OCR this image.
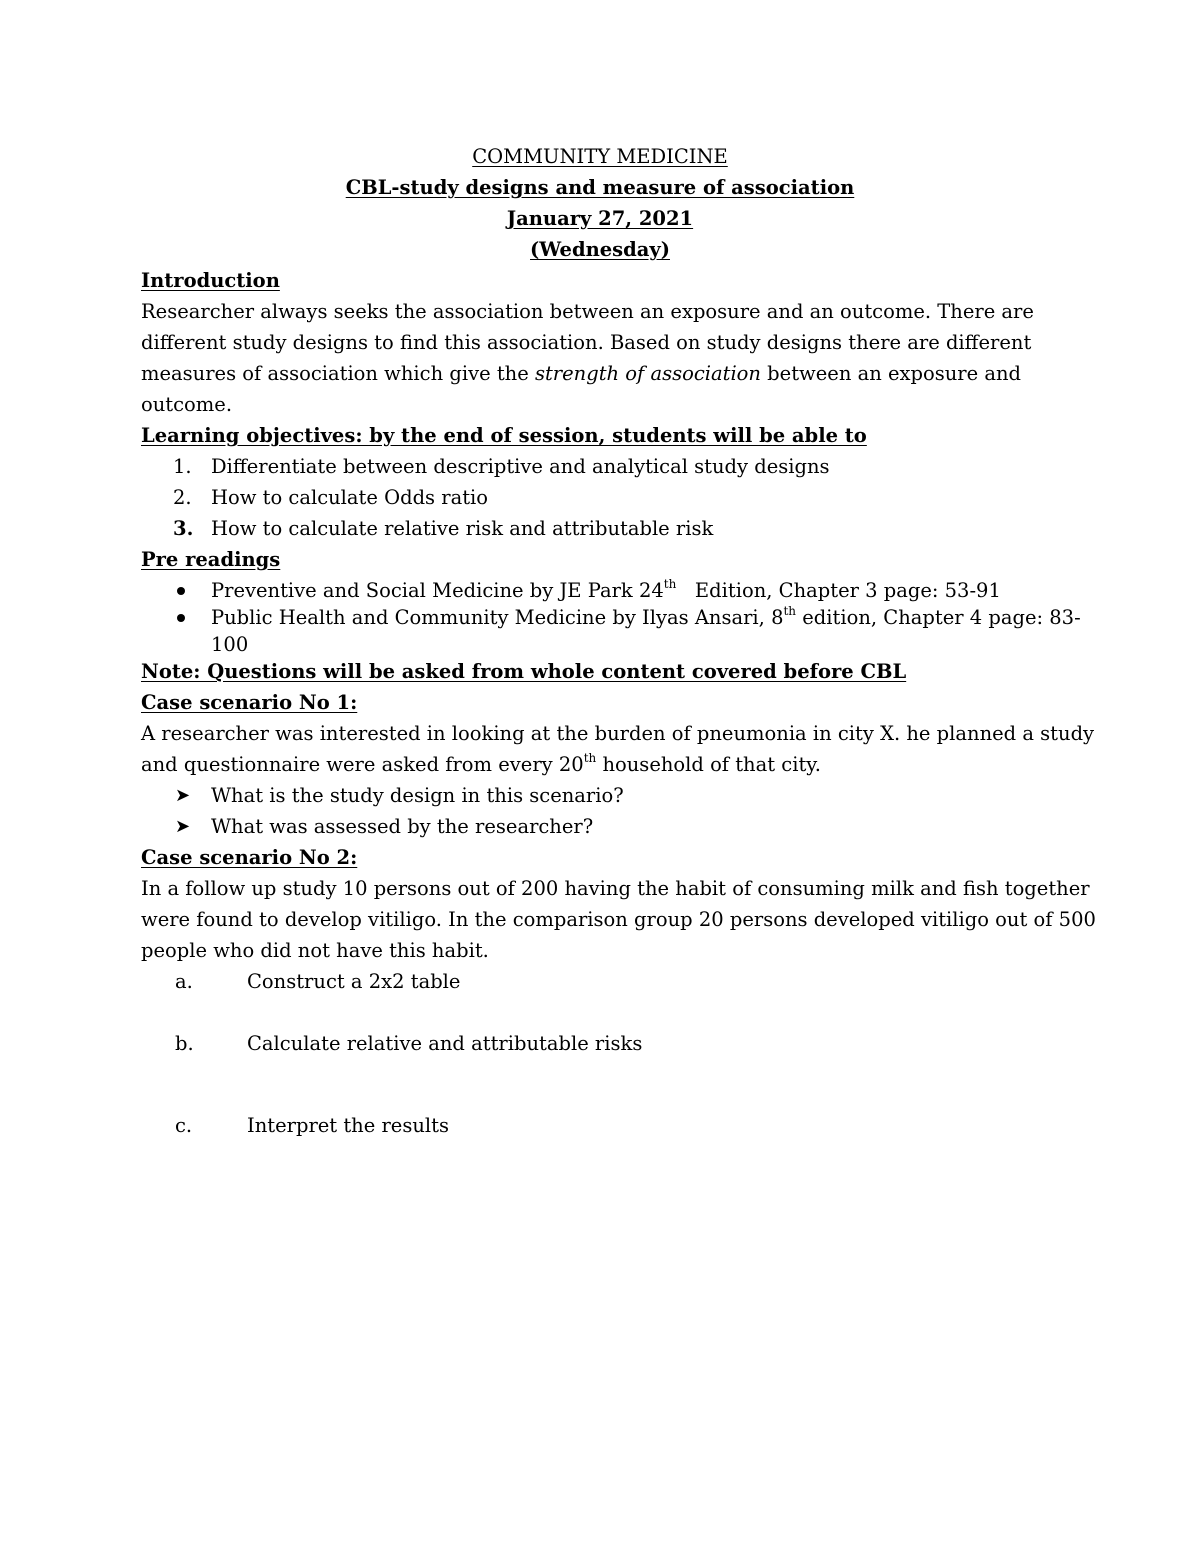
COMMUNITY MEDICINE
CBL-study designs and measure of association
January 27, 2021
(Wednesday)
Introduction
Researcher always seeks the association between an exposure and an outcome. There are
different study designs to find this association. Based on study designs there are different
measures of association which give the strength of association between an exposure and
outcome.
Learning objectives: by the end of session, students will be able to
1. Differentiate between descriptive and analytical study designs
2. How to calculate Odds ratio
3. How to calculate relative risk and attributable risk
Pre readings
Preventive and Social Medicine by JE Park 24th   Edition, Chapter 3 page: 53-91
Public Health and Community Medicine by Ilyas Ansari, 8th edition, Chapter 4 page: 83-
100
Note: Questions will be asked from whole content covered before CBL
Case scenario No 1:
A researcher was interested in looking at the burden of pneumonia in city X. he planned a study
and questionnaire were asked from every 20th household of that city.
➤ What is the study design in this scenario?
➤ What was assessed by the researcher?
Case scenario No 2:
In a follow up study 10 persons out of 200 having the habit of consuming milk and fish together
were found to develop vitiligo. In the comparison group 20 persons developed vitiligo out of 500
people who did not have this habit.
a.	Construct a 2x2 table
b.	Calculate relative and attributable risks
c.	Interpret the results
